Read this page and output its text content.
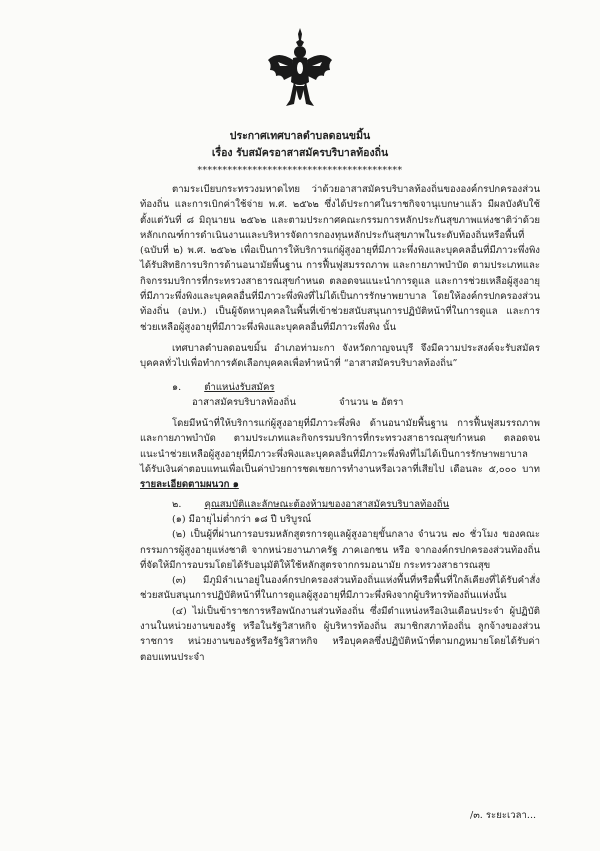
ประกาศเทศบาลตำบลดอนขมิ้น
เรื่อง รับสมัครอาสาสมัครบริบาลท้องถิ่น
*****************************************

ตามระเบียบกระทรวงมหาดไทย ว่าด้วยอาสาสมัครบริบาลท้องถิ่นขององค์กรปกครองส่วนท้องถิ่น และการเบิกค่าใช้จ่าย พ.ศ. ๒๕๖๒ ซึ่งได้ประกาศในราชกิจจานุเบกษาแล้ว มีผลบังคับใช้ตั้งแต่วันที่ ๘ มิถุนายน ๒๕๖๒ และตามประกาศคณะกรรมการหลักประกันสุขภาพแห่งชาติว่าด้วยหลักเกณฑ์การดำเนินงานและบริหารจัดการกองทุนหลักประกันสุขภาพในระดับท้องถิ่นหรือพื้นที่ (ฉบับที่ ๒) พ.ศ. ๒๕๖๒ เพื่อเป็นการให้บริการแก่ผู้สูงอายุที่มีภาวะพึ่งพิงและบุคคลอื่นที่มีภาวะพึ่งพิง ได้รับสิทธิการบริการด้านอนามัยพื้นฐาน การฟื้นฟูสมรรถภาพ และกายภาพบำบัด ตามประเภทและกิจกรรมบริการที่กระทรวงสาธารณสุขกำหนด ตลอดจนแนะนำการดูแล และการช่วยเหลือผู้สูงอายุที่มีภาวะพึ่งพิงและบุคคลอื่นที่มีภาวะพึ่งพิงที่ไม่ได้เป็นการรักษาพยาบาล โดยให้องค์กรปกครองส่วนท้องถิ่น (อปท.) เป็นผู้จัดหาบุคคลในพื้นที่เข้าช่วยสนับสนุนการปฏิบัติหน้าที่ในการดูแล และการช่วยเหลือผู้สูงอายุที่มีภาวะพึ่งพิงและบุคคลอื่นที่มีภาวะพึ่งพิง นั้น

เทศบาลตำบลดอนขมิ้น อำเภอท่ามะกา จังหวัดกาญจนบุรี จึงมีความประสงค์จะรับสมัครบุคคลทั่วไปเพื่อทำการคัดเลือกบุคคลเพื่อทำหน้าที่ “อาสาสมัครบริบาลท้องถิ่น”

๑. ตำแหน่งรับสมัคร
อาสาสมัครบริบาลท้องถิ่น	จำนวน ๒ อัตรา

โดยมีหน้าที่ให้บริการแก่ผู้สูงอายุที่มีภาวะพึ่งพิง ด้านอนามัยพื้นฐาน การฟื้นฟูสมรรถภาพ และกายภาพบำบัด ตามประเภทและกิจกรรมบริการที่กระทรวงสาธารณสุขกำหนด ตลอดจนแนะนำช่วยเหลือผู้สูงอายุที่มีภาวะพึ่งพิงและบุคคลอื่นที่มีภาวะพึ่งพิงที่ไม่ได้เป็นการรักษาพยาบาล ได้รับเงินค่าตอบแทนเพื่อเป็นค่าป่วยการชดเชยการทำงานหรือเวลาที่เสียไป เดือนละ ๕,๐๐๐ บาท รายละเอียดตามผนวก ๑

๒. คุณสมบัติและลักษณะต้องห้ามของอาสาสมัครบริบาลท้องถิ่น

(๑) มีอายุไม่ต่ำกว่า ๑๘ ปี บริบูรณ์

(๒) เป็นผู้ที่ผ่านการอบรมหลักสูตรการดูแลผู้สูงอายุขั้นกลาง จำนวน ๗๐ ชั่วโมง ของคณะกรรมการผู้สูงอายุแห่งชาติ จากหน่วยงานภาครัฐ ภาคเอกชน หรือ จากองค์กรปกครองส่วนท้องถิ่นที่จัดให้มีการอบรมโดยได้รับอนุมัติให้ใช้หลักสูตรจากกรมอนามัย กระทรวงสาธารณสุข

(๓) มีภูมิลำเนาอยู่ในองค์กรปกครองส่วนท้องถิ่นแห่งพื้นที่หรือพื้นที่ใกล้เคียงที่ได้รับคำสั่งช่วยสนับสนุนการปฏิบัติหน้าที่ในการดูแลผู้สูงอายุที่มีภาวะพึ่งพิงจากผู้บริหารท้องถิ่นแห่งนั้น

(๔) ไม่เป็นข้าราชการหรือพนักงานส่วนท้องถิ่น ซึ่งมีตำแหน่งหรือเงินเดือนประจำ ผู้ปฏิบัติงานในหน่วยงานของรัฐ หรือในรัฐวิสาหกิจ ผู้บริหารท้องถิ่น สมาชิกสภาท้องถิ่น ลูกจ้างของส่วนราชการ หน่วยงานของรัฐหรือรัฐวิสาหกิจ หรือบุคคลซึ่งปฏิบัติหน้าที่ตามกฎหมายโดยได้รับค่าตอบแทนประจำ

/๓. ระยะเวลา...
